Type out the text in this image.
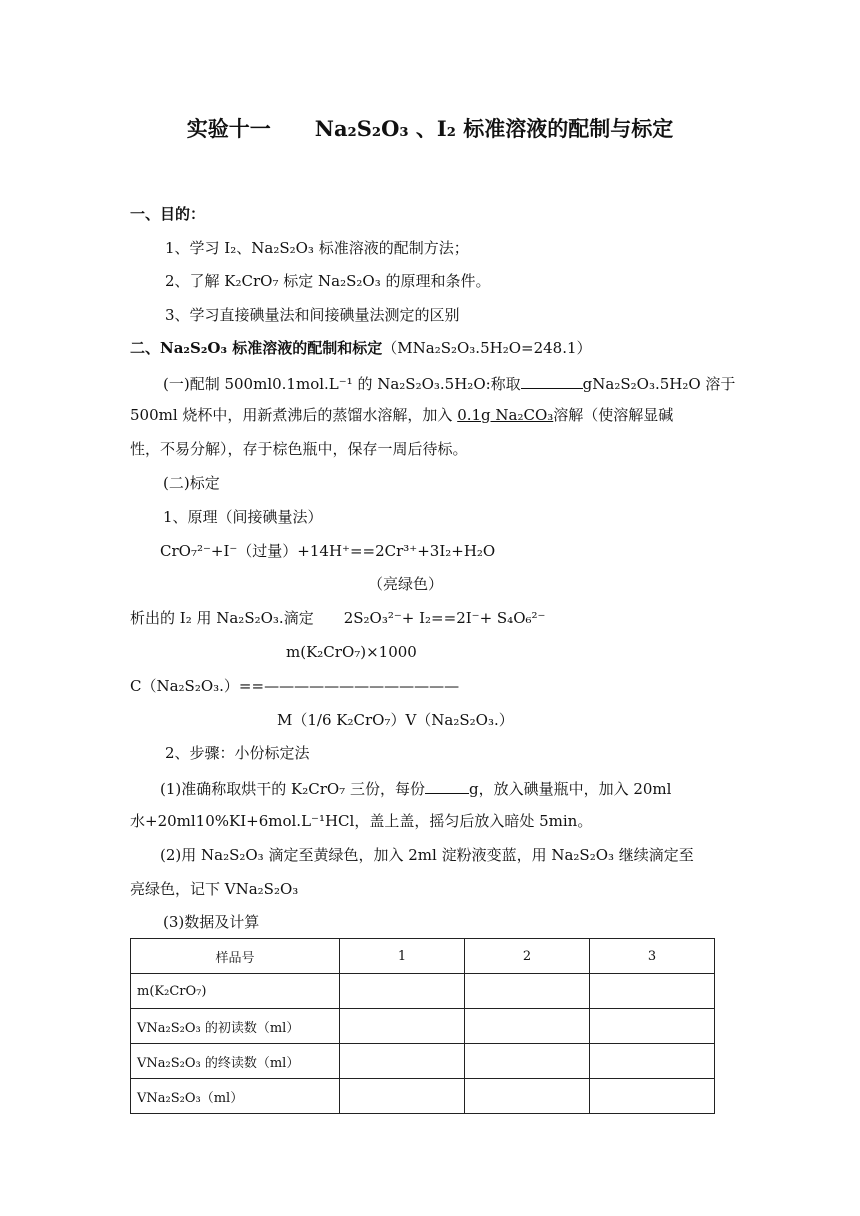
实验十一 Na₂S₂O₃ 、I₂ 标准溶液的配制与标定
一、目的：
1、学习 I₂、Na₂S₂O₃ 标准溶液的配制方法；
2、了解 K₂CrO₇ 标定 Na₂S₂O₃ 的原理和条件。
3、学习直接碘量法和间接碘量法测定的区别
二、Na₂S₂O₃ 标准溶液的配制和标定（MNa₂S₂O₃.5H₂O=248.1）
(一)配制 500ml0.1mol.L⁻¹ 的 Na₂S₂O₃.5H₂O:称取	gNa₂S₂O₃.5H₂O 溶于
500ml 烧杯中，用新煮沸后的蒸馏水溶解，加入 0.1g Na₂CO₃溶解（使溶解显碱
性，不易分解），存于棕色瓶中，保存一周后待标。
(二)标定
1、原理（间接碘量法）
CrO₇²⁻+I⁻（过量）+14H⁺==2Cr³⁺+3I₂+H₂O
（亮绿色）
析出的 I₂ 用 Na₂S₂O₃.滴定 2S₂O₃²⁻+ I₂==2I⁻+ S₄O₆²⁻
m(K₂CrO₇)×1000
C（Na₂S₂O₃.）==—————————————
M（1/6 K₂CrO₇）V（Na₂S₂O₃.）
2、步骤：小份标定法
(1)准确称取烘干的 K₂CrO₇ 三份，每份	g，放入碘量瓶中，加入 20ml
水+20ml10%KI+6mol.L⁻¹HCl，盖上盖，摇匀后放入暗处 5min。
(2)用 Na₂S₂O₃ 滴定至黄绿色，加入 2ml 淀粉液变蓝，用 Na₂S₂O₃ 继续滴定至
亮绿色，记下 VNa₂S₂O₃
(3)数据及计算
样品号	1	2	3
m(K₂CrO₇)			
VNa₂S₂O₃ 的初读数（ml）			
VNa₂S₂O₃ 的终读数（ml）			
VNa₂S₂O₃（ml）			
